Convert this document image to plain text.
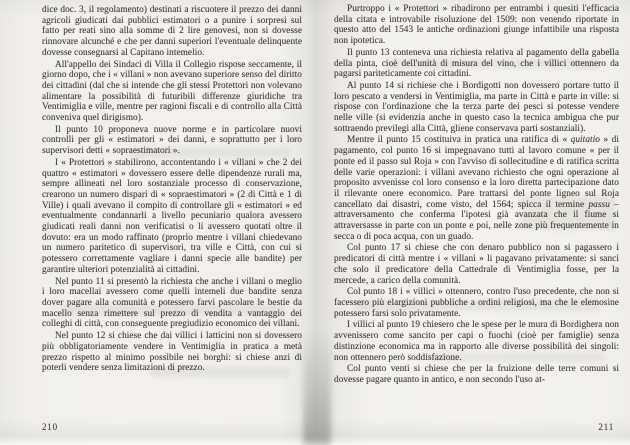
dice doc. 3, il regolamento) destinati a riscuotere il prezzo dei danni agricoli giudicati dai pubblici estimatori o a punire i sorpresi sul fatto per reati sino alla somme di 2 lire genovesi, non si dovesse rinnovare alcunché e che per danni superiori l'eventuale delinquente dovesse consegnarsi al Capitano intemelio.

All'appello dei Sindaci di Villa il Collegio rispose seccamente, il giorno dopo, che i « villani » non avevano superiore senso del diritto dei cittadini (dal che si intende che gli stessi Protettori non volevano alimentare la possibilità di futuribili differenze giuridiche tra Ventimiglia e ville, mentre per ragioni fiscali e di controllo alla Città conveniva quel dirigismo).

Il punto 10 proponeva nuove norme e in particolare nuovi controlli per gli « estimatori » dei danni, e soprattutto per i loro supervisori detti « sopraestimatori ».

I « Protettori » stabilirono, accontentando i « villani » che 2 dei quattro « estimatori » dovessero essere delle dipendenze rurali ma, sempre allineati nel loro sostanziale processo di conservazione, crearono un numero dispari di « sopraestimatori » (2 di Città e 1 di Ville) i quali avevano il compito di controllare gli « estimatori » ed eventualmente condannarli a livello pecuniario qualora avessero giudicati reali danni non verificatisi o li avessero quotati oltre il dovuto: era un modo raffinato (proprio mentre i villani chiedevano un numero paritetico di supervisori, tra ville e Città, con cui si potessero correttamente vagliare i danni specie alle bandite) per garantire ulteriori potenzialità ai cittadini.

Nel punto 11 si presentò la richiesta che anche i villani o meglio i loro macellai avessero come quelli intemeli due bandite senza dover pagare alla comunità e potessero farvi pascolare le bestie da macello senza rimettere sul prezzo di vendita a vantaggio dei colleghi di città, con conseguente pregiudizio economico dei villani.

Nel punto 12 si chiese che dai villici i latticini non si dovessero più obbligatoriamente vendere in Ventimiglia in pratica a metà prezzo rispetto al minimo possibile nei borghi: si chiese anzi di poterli vendere senza limitazioni di prezzo.

210

Purtroppo i « Protettori » ribadirono per entrambi i quesiti l'efficacia della citata e introvabile risoluzione del 1509: non venendo riportate in questo atto del 1543 le antiche ordinazioni giunge infattibile una risposta non ipotetica.

Il punto 13 conteneva una richiesta relativa al pagamento della gabella della pinta, cioè dell'unità di misura del vino, che i villici ottennero da pagarsi pariteticamente coi cittadini.

Al punto 14 si richiese che i Bordigotti non dovessero portare tutto il loro pescato a vendersi in Ventimiglia, ma parte in Città e parte in ville: si rispose con l'ordinazione che la terza parte dei pesci si potesse vendere nelle ville (si evidenzia anche in questo caso la tecnica ambigua che pur sottraendo previlegi alla Città, gliene conservava parti sostanziali).

Mentre il punto 15 costituiva in pratica una ratifica di « quitatio » di pagamento, col punto 16 si impegnavano tutti al lavoro comune « per il ponte ed il passo sul Roja » con l'avviso di sollecitudine e di ratifica scritta delle varie operazioni: i villani avevano richiesto che ogni operazione al proposito avvenisse col loro consenso e la loro diretta partecipazione dato il rilevante onere economico. Pare trattarsi del ponte ligneo sul Roja cancellato dai disastri, come visto, del 1564; spicca il termine passu – attraversamento che conferma l'ipotesi già avanzata che il fiume si attraversasse in parte con un ponte e poi, nelle zone più frequentemente in secca o di poca acqua, con un guado.

Col punto 17 si chiese che con denaro pubblico non si pagassero i predicatori di città mentre i « villani » li pagavano privatamente: si sancì che solo il predicatore della Cattedrale di Ventimiglia fosse, per la mercede, a carico della comunità.

Col punto 18 i « villici » ottennero, contro l'uso precedente, che non si facessero più elargizioni pubbliche a ordini religiosi, ma che le elemosine potessero farsi solo privatamente.

I villici al punto 19 chiesero che le spese per le mura di Bordighera non avvenissero come sancito per capi o fuochi (cioè per famiglie) senza distinzione economica ma in rapporto alle diverse possibilità dei singoli: non ottennero però soddisfazione.

Col punto venti si chiese che per la fruizione delle terre comuni si dovesse pagare quanto in antico, e non secondo l'uso at-

211
